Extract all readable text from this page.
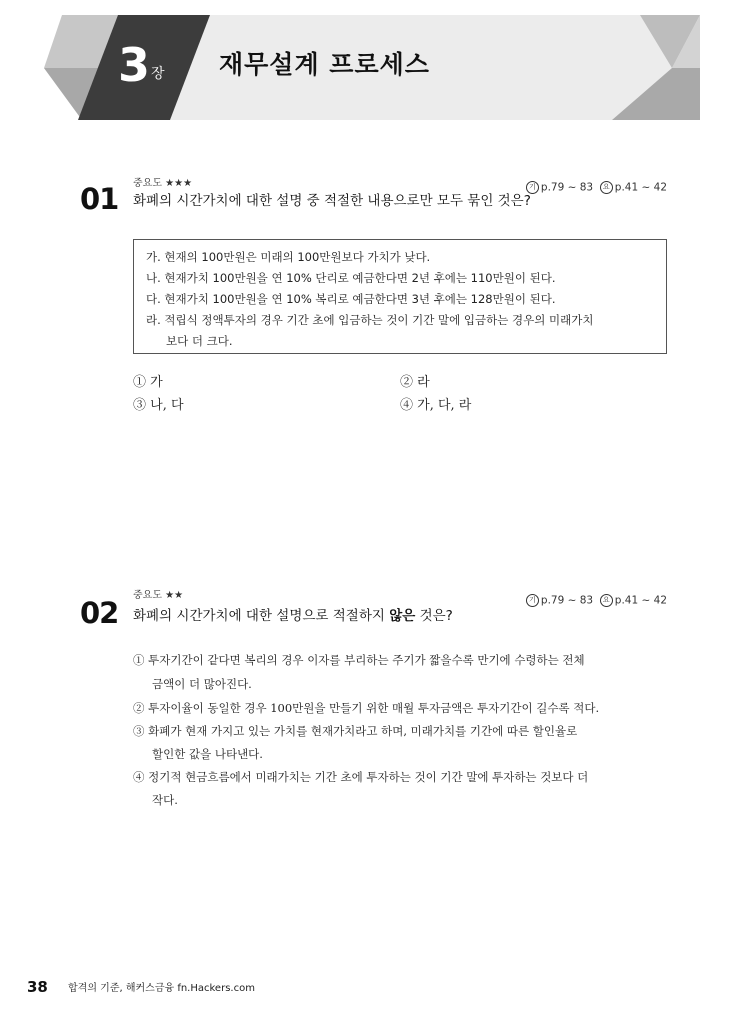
3 장 재무설계 프로세스
중요도 ★★★	기 p.79 ~ 83 요 p.41 ~ 42
01 화폐의 시간가치에 대한 설명 중 적절한 내용으로만 모두 묶인 것은?
가. 현재의 100만원은 미래의 100만원보다 가치가 낮다.
나. 현재가치 100만원을 연 10% 단리로 예금한다면 2년 후에는 110만원이 된다.
다. 현재가치 100만원을 연 10% 복리로 예금한다면 3년 후에는 128만원이 된다.
라. 적립식 정액투자의 경우 기간 초에 입금하는 것이 기간 말에 입금하는 경우의 미래가치
보다 더 크다.
① 가	② 라
③ 나, 다	④ 가, 다, 라
중요도 ★★	기 p.79 ~ 83 요 p.41 ~ 42
02 화폐의 시간가치에 대한 설명으로 적절하지 않은 것은?
① 투자기간이 같다면 복리의 경우 이자를 부리하는 주기가 짧을수록 만기에 수령하는 전체
금액이 더 많아진다.
② 투자이율이 동일한 경우 100만원을 만들기 위한 매월 투자금액은 투자기간이 길수록 적다.
③ 화폐가 현재 가지고 있는 가치를 현재가치라고 하며, 미래가치를 기간에 따른 할인율로
할인한 값을 나타낸다.
④ 정기적 현금흐름에서 미래가치는 기간 초에 투자하는 것이 기간 말에 투자하는 것보다 더
작다.
38 합격의 기준, 해커스금융 fn.Hackers.com
